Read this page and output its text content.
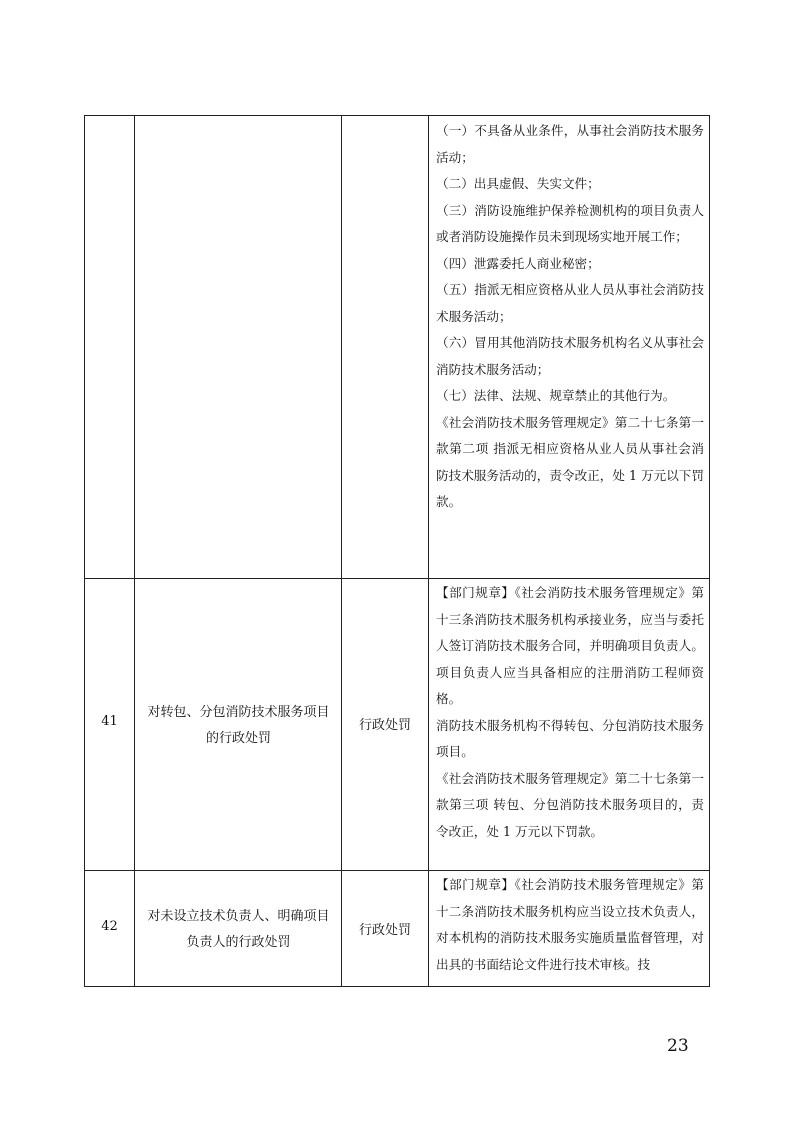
（一）不具备从业条件，从事社会消防技术服务活动；

（二）出具虚假、失实文件；

（三）消防设施维护保养检测机构的项目负责人或者消防设施操作员未到现场实地开展工作；

（四）泄露委托人商业秘密；

（五）指派无相应资格从业人员从事社会消防技术服务活动；

（六）冒用其他消防技术服务机构名义从事社会消防技术服务活动；

（七）法律、法规、规章禁止的其他行为。

《社会消防技术服务管理规定》第二十七条第一款第二项 指派无相应资格从业人员从事社会消防技术服务活动的，责令改正，处 1 万元以下罚款。

41
对转包、分包消防技术服务项目
的行政处罚
行政处罚

【部门规章】《社会消防技术服务管理规定》第十三条消防技术服务机构承接业务，应当与委托人签订消防技术服务合同，并明确项目负责人。项目负责人应当具备相应的注册消防工程师资格。

消防技术服务机构不得转包、分包消防技术服务项目。

《社会消防技术服务管理规定》第二十七条第一款第三项 转包、分包消防技术服务项目的，责令改正，处 1 万元以下罚款。

42
对未设立技术负责人、明确项目
负责人的行政处罚
行政处罚

【部门规章】《社会消防技术服务管理规定》第十二条消防技术服务机构应当设立技术负责人，对本机构的消防技术服务实施质量监督管理，对出具的书面结论文件进行技术审核。技

23
